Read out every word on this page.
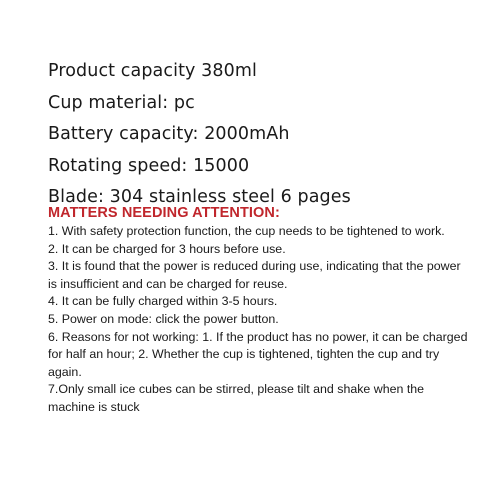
Product capacity 380ml
Cup material: pc
Battery capacity: 2000mAh
Rotating speed: 15000
Blade: 304 stainless steel 6 pages
MATTERS NEEDING ATTENTION:

1. With safety protection function, the cup needs to be tightened to work.

2. It can be charged for 3 hours before use.

3. It is found that the power is reduced during use, indicating that the power is insufficient and can be charged for reuse.

4. It can be fully charged within 3-5 hours.

5. Power on mode: click the power button.

6. Reasons for not working: 1. If the product has no power, it can be charged for half an hour; 2. Whether the cup is tightened, tighten the cup and try again.

7.Only small ice cubes can be stirred, please tilt and shake when the machine is stuck
